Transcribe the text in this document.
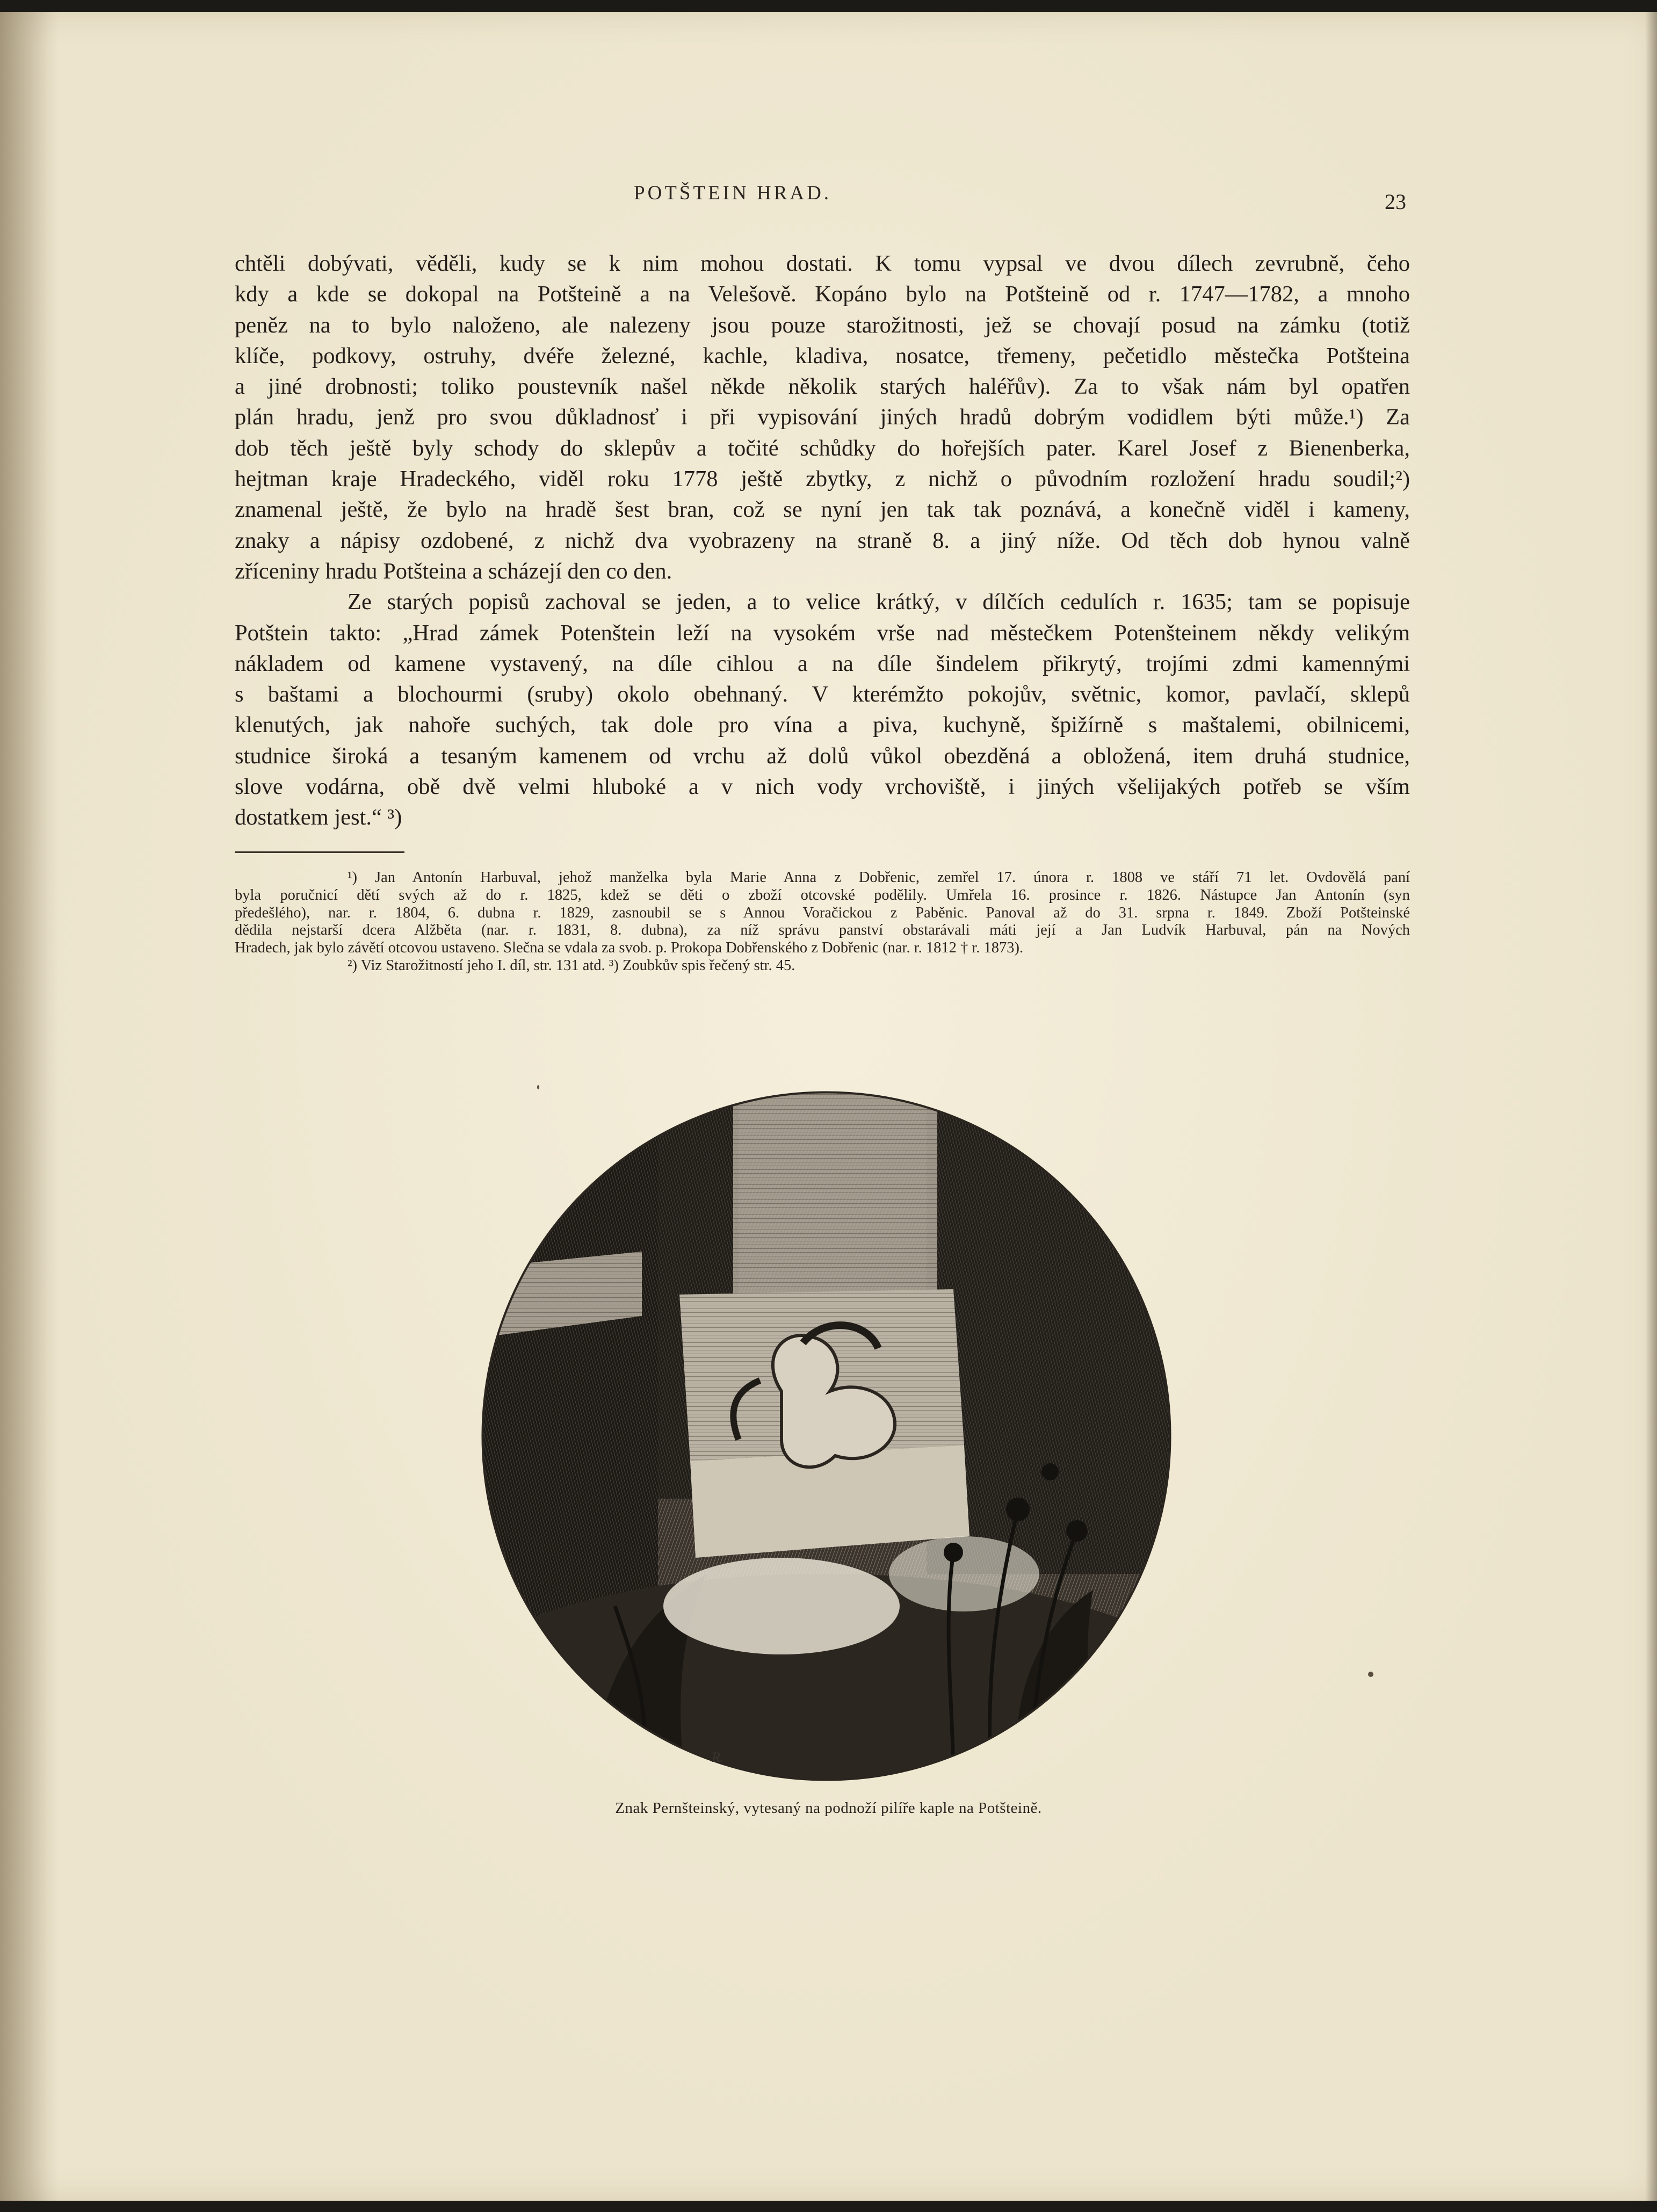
POTŠTEIN HRAD.	23
chtěli dobývati, věděli, kudy se k nim mohou dostati. K tomu vypsal ve dvou dílech zevrubně, čeho
kdy a kde se dokopal na Potšteině a na Velešově. Kopáno bylo na Potšteině od r. 1747—1782, a mnoho
peněz na to bylo naloženo, ale nalezeny jsou pouze starožitnosti, jež se chovají posud na zámku (totiž
klíče, podkovy, ostruhy, dvéře železné, kachle, kladiva, nosatce, třemeny, pečetidlo městečka Potšteina
a jiné drobnosti; toliko poustevník našel někde několik starých haléřův). Za to však nám byl opatřen
plán hradu, jenž pro svou důkladnosť i při vypisování jiných hradů dobrým vodidlem býti může.¹) Za
dob těch ještě byly schody do sklepův a točité schůdky do hořejších pater. Karel Josef z Bienenberka,
hejtman kraje Hradeckého, viděl roku 1778 ještě zbytky, z nichž o původním rozložení hradu soudil;²)
znamenal ještě, že bylo na hradě šest bran, což se nyní jen tak tak poznává, a konečně viděl i kameny,
znaky a nápisy ozdobené, z nichž dva vyobrazeny na straně 8. a jiný níže. Od těch dob hynou valně
zříceniny hradu Potšteina a scházejí den co den.
Ze starých popisů zachoval se jeden, a to velice krátký, v dílčích cedulích r. 1635; tam se popisuje
Potštein takto: „Hrad zámek Potenštein leží na vysokém vrše nad městečkem Potenšteinem někdy velikým
nákladem od kamene vystavený, na díle cihlou a na díle šindelem přikrytý, trojími zdmi kamennými
s baštami a blochourmi (sruby) okolo obehnaný. V kterémžto pokojův, světnic, komor, pavlačí, sklepů
klenutých, jak nahoře suchých, tak dole pro vína a piva, kuchyně, špižírně s maštalemi, obilnicemi,
studnice široká a tesaným kamenem od vrchu až dolů vůkol obezděná a obložená, item druhá studnice,
slove vodárna, obě dvě velmi hluboké a v nich vody vrchoviště, i jiných všelijakých potřeb se vším
dostatkem jest.“ ³)
¹) Jan Antonín Harbuval, jehož manželka byla Marie Anna z Dobřenic, zemřel 17. února r. 1808 ve stáří 71 let. Ovdovělá paní
byla poručnicí dětí svých až do r. 1825, kdež se děti o zboží otcovské podělily. Umřela 16. prosince r. 1826. Nástupce Jan Antonín (syn
předešlého), nar. r. 1804, 6. dubna r. 1829, zasnoubil se s Annou Voračickou z Paběnic. Panoval až do 31. srpna r. 1849. Zboží Potšteinské
dědila nejstarší dcera Alžběta (nar. r. 1831, 8. dubna), za níž správu panství obstarávali máti její a Jan Ludvík Harbuval, pán na Nových
Hradech, jak bylo závětí otcovou ustaveno. Slečna se vdala za svob. p. Prokopa Dobřenského z Dobřenic (nar. r. 1812 † r. 1873).
²) Viz Starožitností jeho I. díl, str. 131 atd. ³) Zoubkův spis řečený str. 45.
R.
Znak Pernšteinský, vytesaný na podnoží pilíře kaple na Potšteině.
